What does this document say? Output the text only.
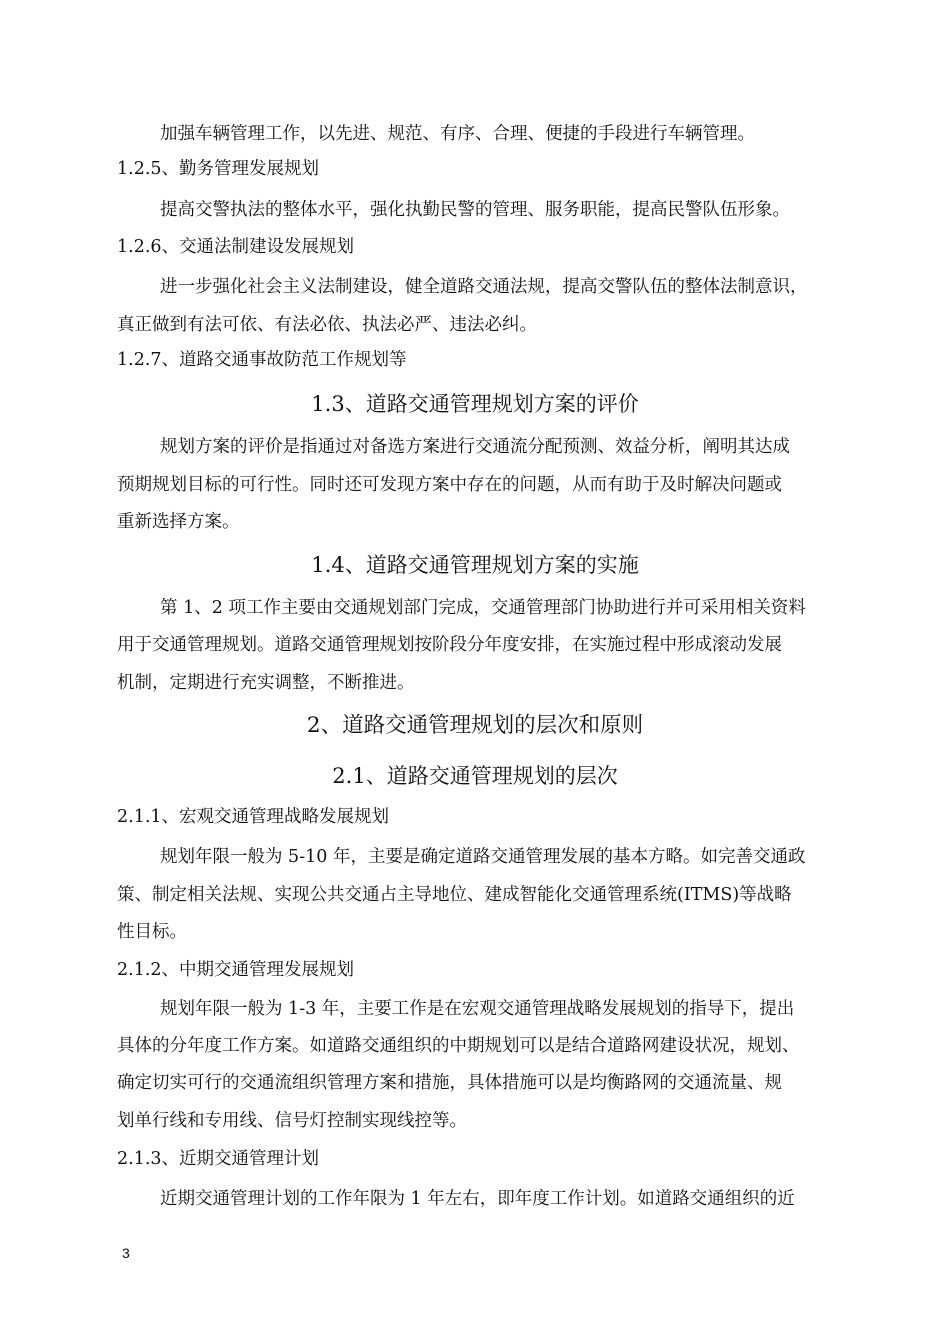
加强车辆管理工作，以先进、规范、有序、合理、便捷的手段进行车辆管理。
1.2.5、勤务管理发展规划
提高交警执法的整体水平，强化执勤民警的管理、服务职能，提高民警队伍形象。
1.2.6、交通法制建设发展规划
进一步强化社会主义法制建设，健全道路交通法规，提高交警队伍的整体法制意识，
真正做到有法可依、有法必依、执法必严、违法必纠。
1.2.7、道路交通事故防范工作规划等
1.3、道路交通管理规划方案的评价
规划方案的评价是指通过对备选方案进行交通流分配预测、效益分析，阐明其达成
预期规划目标的可行性。同时还可发现方案中存在的问题，从而有助于及时解决问题或
重新选择方案。
1.4、道路交通管理规划方案的实施
第 1、2 项工作主要由交通规划部门完成，交通管理部门协助进行并可采用相关资料
用于交通管理规划。道路交通管理规划按阶段分年度安排，在实施过程中形成滚动发展
机制，定期进行充实调整，不断推进。
2、道路交通管理规划的层次和原则
2.1、道路交通管理规划的层次
2.1.1、宏观交通管理战略发展规划
规划年限一般为 5-10 年，主要是确定道路交通管理发展的基本方略。如完善交通政
策、制定相关法规、实现公共交通占主导地位、建成智能化交通管理系统(ITMS)等战略
性目标。
2.1.2、中期交通管理发展规划
规划年限一般为 1-3 年，主要工作是在宏观交通管理战略发展规划的指导下，提出
具体的分年度工作方案。如道路交通组织的中期规划可以是结合道路网建设状况，规划、
确定切实可行的交通流组织管理方案和措施，具体措施可以是均衡路网的交通流量、规
划单行线和专用线、信号灯控制实现线控等。
2.1.3、近期交通管理计划
近期交通管理计划的工作年限为 1 年左右，即年度工作计划。如道路交通组织的近
3
